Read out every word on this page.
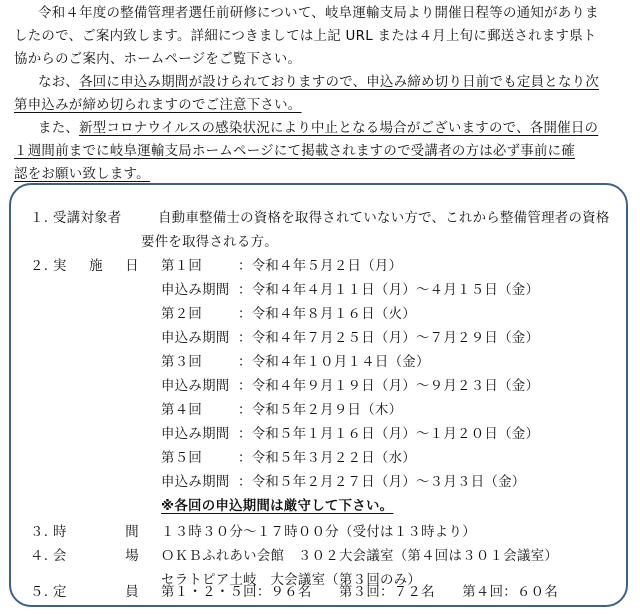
令和４年度の整備管理者選任前研修について、岐阜運輸支局より開催日程等の通知がありま
したので、ご案内致します。詳細につきましては上記 URL または４月上旬に郵送されます県ト
協からのご案内、ホームページをご覧下さい。
なお、各回に申込み期間が設けられておりますので、申込み締め切り日前でも定員となり次
第申込みが締め切られますのでご注意下さい。
また、新型コロナウイルスの感染状況により中止となる場合がございますので、各開催日の
１週間前までに岐阜運輸支局ホームページにて掲載されますので受講者の方は必ず事前に確
認をお願い致します。
１. 受講対象者	自動車整備士の資格を取得されていない方で、これから整備管理者の資格
要件を取得される方。
２. 実 施 日 第１回	：令和４年５月２日（月）
申込み期間 ：令和４年４月１１日（月）～４月１５日（金）
第２回	：令和４年８月１６日（火）
申込み期間 ：令和４年７月２５日（月）～７月２９日（金）
第３回	：令和４年１０月１４日（金）
申込み期間 ：令和４年９月１９日（月）～９月２３日（金）
第４回	：令和５年２月９日（木）
申込み期間 ：令和５年１月１６日（月）～１月２０日（金）
第５回	：令和５年３月２２日（水）
申込み期間 ：令和５年２月２７日（月）～３月３日（金）
※各回の申込期間は厳守して下さい。
３. 時	間 １３時３０分～１７時００分（受付は１３時より）
４. 会	場 ＯＫＢふれあい会館　３０２大会議室（第４回は３０１会議室）
セラトピア土岐　大会議室（第３回のみ）
５. 定	員 第１・２・５回：９６名　　第３回：７２名　　第４回：６０名
